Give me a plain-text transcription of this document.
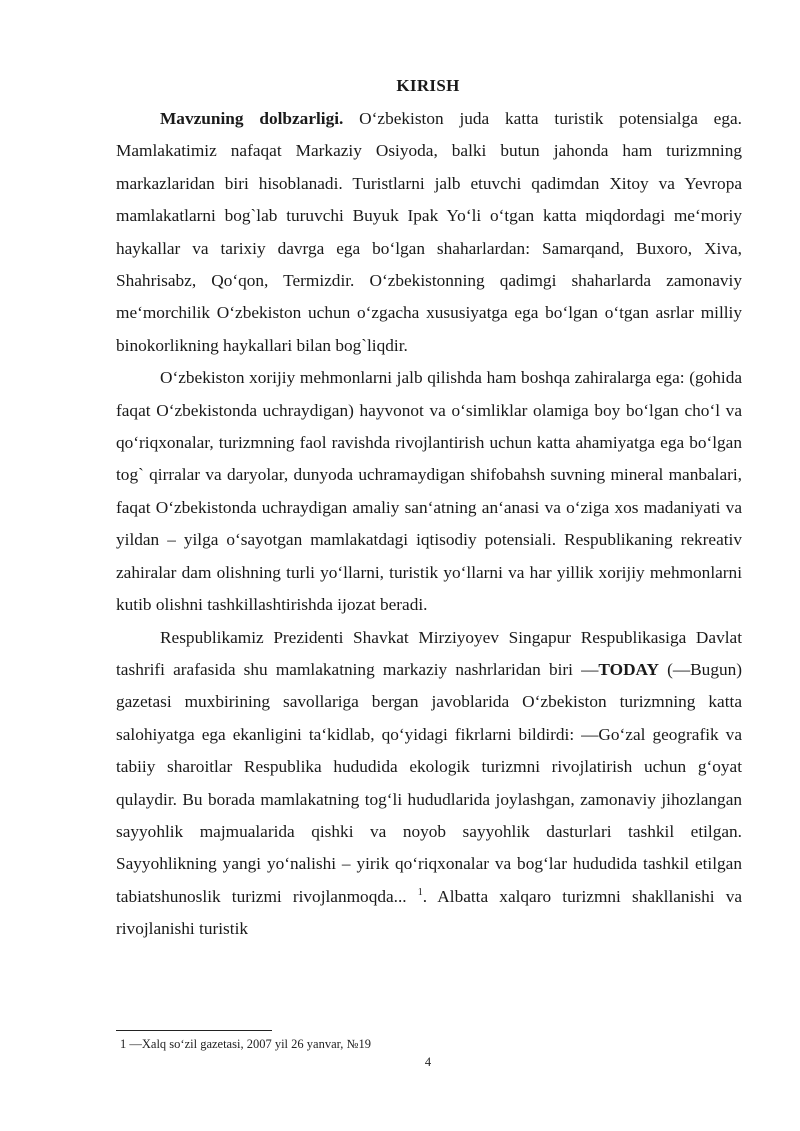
KIRISH

Mavzuning dolbzarligi. O‘zbekiston juda katta turistik potensialga ega. Mamlakatimiz nafaqat Markaziy Osiyoda, balki butun jahonda ham turizmning markazlaridan biri hisoblanadi. Turistlarni jalb etuvchi qadimdan Xitoy va Yevropa mamlakatlarni bog`lab turuvchi Buyuk Ipak Yo‘li o‘tgan katta miqdordagi me‘moriy haykallar va tarixiy davrga ega bo‘lgan shaharlardan: Samarqand, Buxoro, Xiva, Shahrisabz, Qo‘qon, Termizdir. O‘zbekistonning qadimgi shaharlarda zamonaviy me‘morchilik O‘zbekiston uchun o‘zgacha xususiyatga ega bo‘lgan o‘tgan asrlar milliy binokorlikning haykallari bilan bog`liqdir.

O‘zbekiston xorijiy mehmonlarni jalb qilishda ham boshqa zahiralarga ega: (gohida faqat O‘zbekistonda uchraydigan) hayvonot va o‘simliklar olamiga boy bo‘lgan cho‘l va qo‘riqxonalar, turizmning faol ravishda rivojlantirish uchun katta ahamiyatga ega bo‘lgan tog` qirralar va daryolar, dunyoda uchramaydigan shifobahsh suvning mineral manbalari, faqat O‘zbekistonda uchraydigan amaliy san‘atning an‘anasi va o‘ziga xos madaniyati va yildan – yilga o‘sayotgan mamlakatdagi iqtisodiy potensiali. Respublikaning rekreativ zahiralar dam olishning turli yo‘llarni, turistik yo‘llarni va har yillik xorijiy mehmonlarni kutib olishni tashkillashtirishda ijozat beradi.

Respublikamiz Prezidenti Shavkat Mirziyoyev Singapur Respublikasiga Davlat tashrifi arafasida shu mamlakatning markaziy nashrlaridan biri —TODAY (—Bugun) gazetasi muxbirining savollariga bergan javoblarida O‘zbekiston turizmning katta salohiyatga ega ekanligini ta‘kidlab, qo‘yidagi fikrlarni bildirdi: —Go‘zal geografik va tabiiy sharoitlar Respublika hududida ekologik turizmni rivojlatirish uchun g‘oyat qulaydir. Bu borada mamlakatning tog‘li hududlarida joylashgan, zamonaviy jihozlangan sayyohlik majmualarida qishki va noyob sayyohlik dasturlari tashkil etilgan. Sayyohlikning yangi yo‘nalishi – yirik qo‘riqxonalar va bog‘lar hududida tashkil etilgan tabiatshunoslik turizmi rivojlanmoqda... $^1$. Albatta xalqaro turizmni shakllanishi va rivojlanishi turistik

1 —Xalq so‘zil gazetasi, 2007 yil 26 yanvar, №19
4
